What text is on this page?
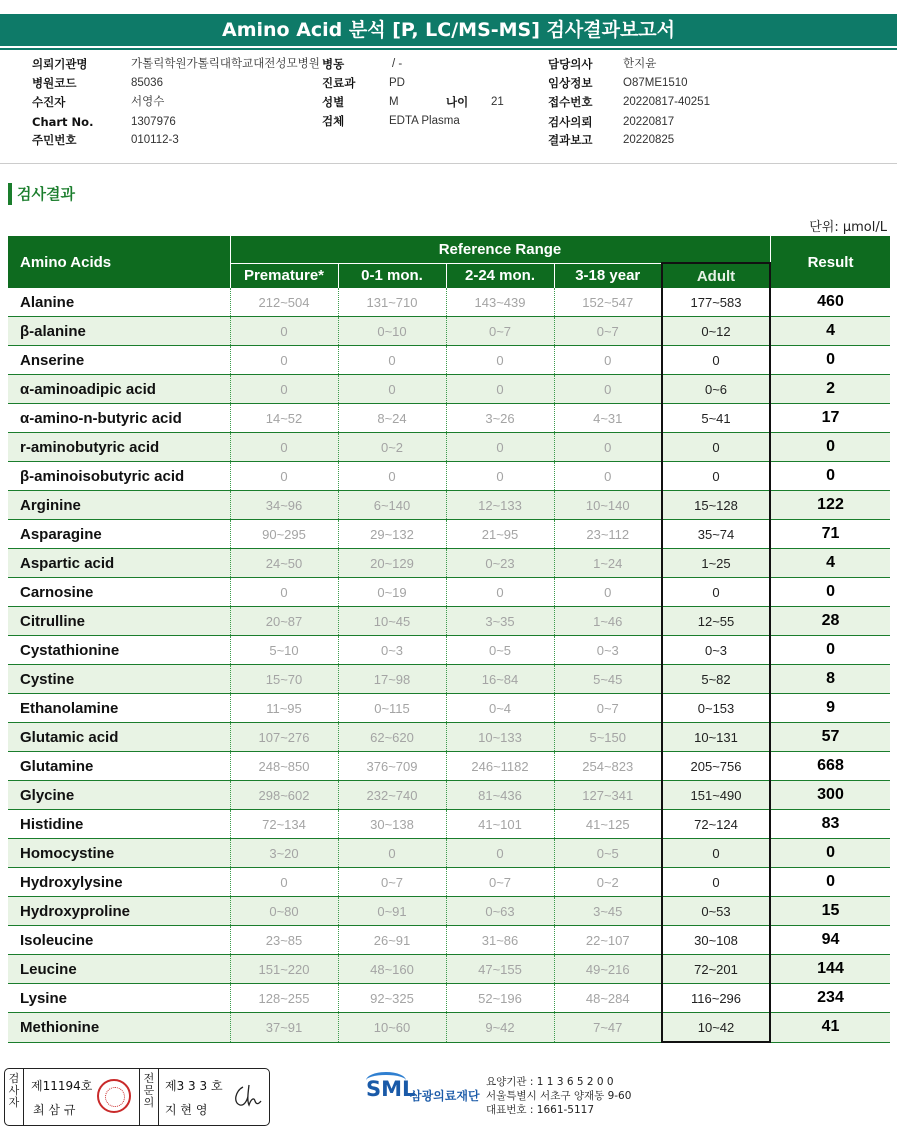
Amino Acid 분석 [P, LC/MS-MS] 검사결과보고서
의뢰기관명	가톨릭학원가톨릭대학교대전성모병원 병동	/ -	담당의사	한지윤
병원코드	85036	진료과	PD	임상정보	O87ME1510
수진자	서영수	성별	M	나이 21	접수번호	20220817-40251
Chart No.	1307976	검체	EDTA Plasma	검사의뢰	20220817
주민번호	010112-3	결과보고	20220825
검사결과
단위: μmol/L
Amino Acids	Reference Range					Result
	Premature*	0-1 mon.	2-24 mon.	3-18 year	Adult	
Alanine	212~504	131~710	143~439	152~547	177~583	460
β-alanine	0	0~10	0~7	0~7	0~12	4
Anserine	0	0	0	0	0	0
α-aminoadipic acid	0	0	0	0	0~6	2
α-amino-n-butyric acid	14~52	8~24	3~26	4~31	5~41	17
r-aminobutyric acid	0	0~2	0	0	0	0
β-aminoisobutyric acid	0	0	0	0	0	0
Arginine	34~96	6~140	12~133	10~140	15~128	122
Asparagine	90~295	29~132	21~95	23~112	35~74	71
Aspartic acid	24~50	20~129	0~23	1~24	1~25	4
Carnosine	0	0~19	0	0	0	0
Citrulline	20~87	10~45	3~35	1~46	12~55	28
Cystathionine	5~10	0~3	0~5	0~3	0~3	0
Cystine	15~70	17~98	16~84	5~45	5~82	8
Ethanolamine	11~95	0~115	0~4	0~7	0~153	9
Glutamic acid	107~276	62~620	10~133	5~150	10~131	57
Glutamine	248~850	376~709	246~1182	254~823	205~756	668
Glycine	298~602	232~740	81~436	127~341	151~490	300
Histidine	72~134	30~138	41~101	41~125	72~124	83
Homocystine	3~20	0	0	0~5	0	0
Hydroxylysine	0	0~7	0~7	0~2	0	0
Hydroxyproline	0~80	0~91	0~63	3~45	0~53	15
Isoleucine	23~85	26~91	31~86	22~107	30~108	94
Leucine	151~220	48~160	47~155	49~216	72~201	144
Lysine	128~255	92~325	52~196	48~284	116~296	234
Methionine	37~91	10~60	9~42	7~47	10~42	41
검사자
제11194호
최 삼 규
전문의
제3 3 3 호
지 현 영
SML
삼광의료재단
요양기관 : 1 1 3 6 5 2 0 0
서울특별시 서초구 양재동 9-60
대표번호 : 1661-5117
